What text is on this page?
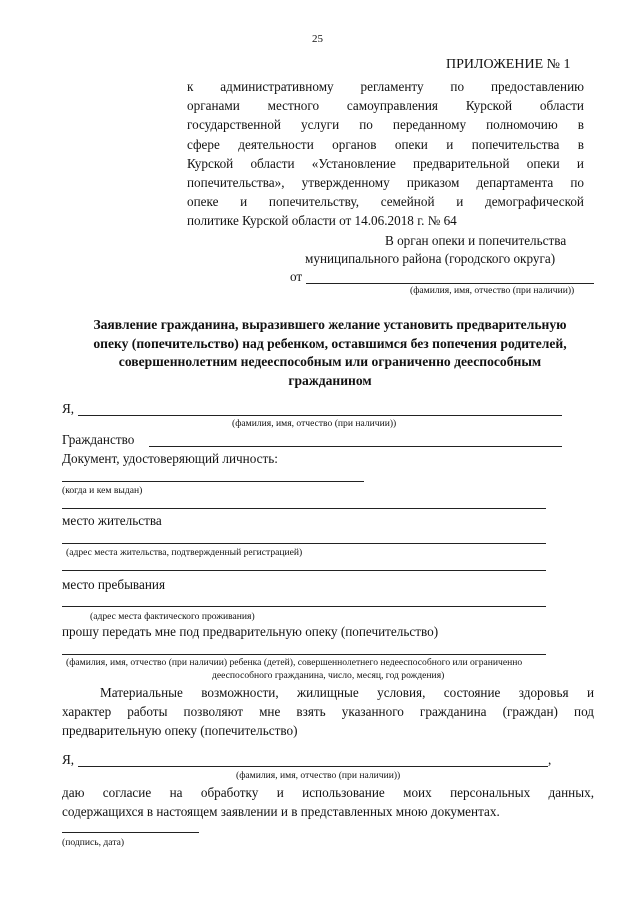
25
ПРИЛОЖЕНИЕ № 1
к административному регламенту по предоставлению
органами местного самоуправления Курской области
государственной услуги по переданному полномочию в
сфере деятельности органов опеки и попечительства в
Курской области «Установление предварительной опеки и
попечительства», утвержденному приказом департамента по
опеке и попечительству, семейной и демографической
политике Курской области от 14.06.2018 г. № 64
В орган опеки и попечительства
муниципального района (городского округа)
от
(фамилия, имя, отчество (при наличии))
Заявление гражданина, выразившего желание установить предварительную
опеку (попечительство) над ребенком, оставшимся без попечения родителей,
совершеннолетним недееспособным или ограниченно дееспособным
гражданином
Я,
(фамилия, имя, отчество (при наличии))
Гражданство
Документ, удостоверяющий личность:
(когда и кем выдан)
место жительства
(адрес места жительства, подтвержденный регистрацией)
место пребывания
(адрес места фактического проживания)
прошу передать мне под предварительную опеку (попечительство)
(фамилия, имя, отчество (при наличии) ребенка (детей), совершеннолетнего недееспособного или ограниченно
дееспособного гражданина, число, месяц, год рождения)
Материальные возможности, жилищные условия, состояние здоровья и
характер работы позволяют мне взять указанного гражданина (граждан) под
предварительную опеку (попечительство)
Я,	,
(фамилия, имя, отчество (при наличии))
даю согласие на обработку и использование моих персональных данных,
содержащихся в настоящем заявлении и в представленных мною документах.
(подпись, дата)
